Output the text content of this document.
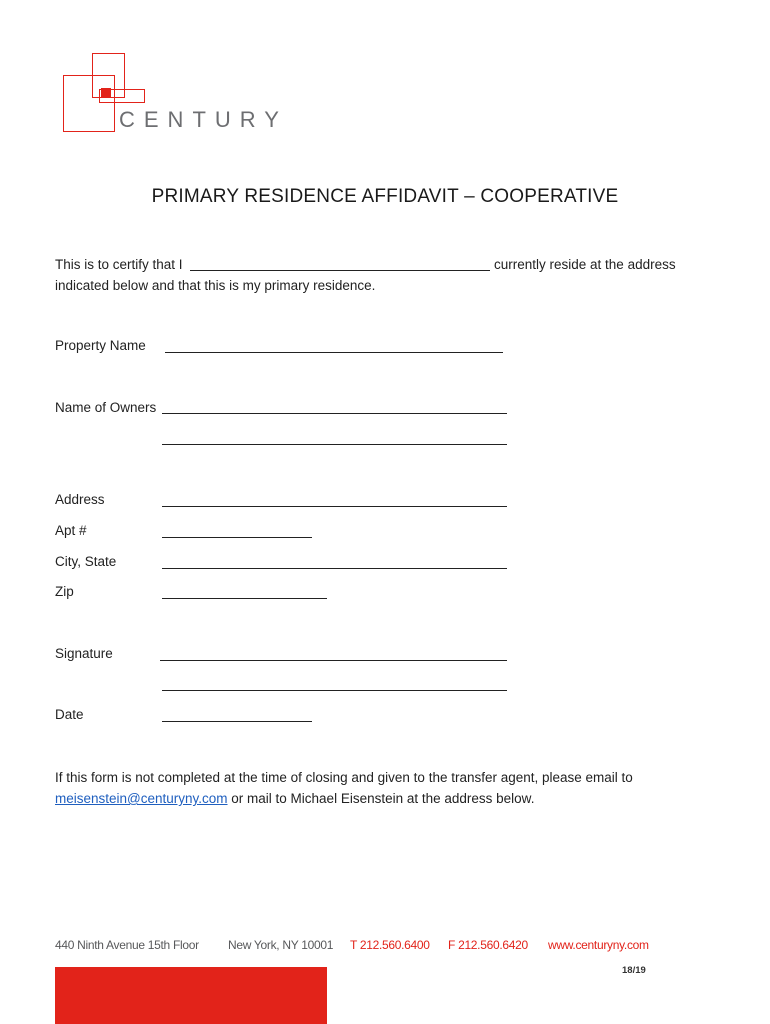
CENTURY
PRIMARY RESIDENCE AFFIDAVIT – COOPERATIVE
This is to certify that I	currently reside at the address
indicated below and that this is my primary residence.
Property Name
Name of Owners
Address
Apt #
City, State
Zip
Signature
Date
If this form is not completed at the time of closing and given to the transfer agent, please email to
meisenstein@centuryny.com or mail to Michael Eisenstein at the address below.
440 Ninth Avenue 15th Floor New York, NY 10001 T 212.560.6400 F 212.560.6420 www.centuryny.com
18/19
